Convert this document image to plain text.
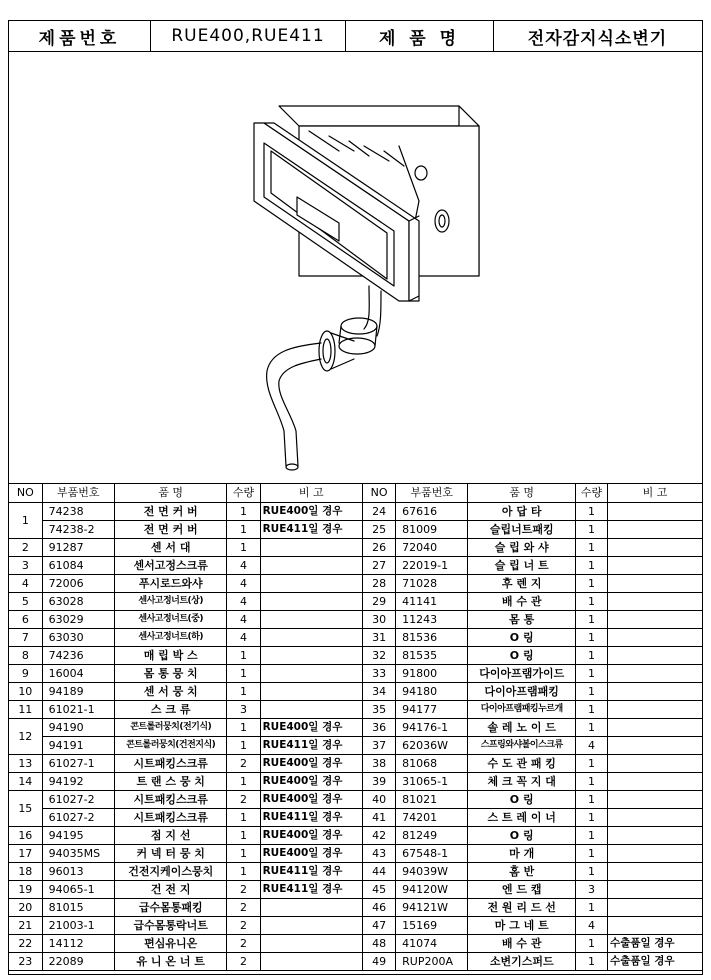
제품번호	RUE400,RUE411	제 품 명	전자감지식소변기
NO	부품번호	품 명	수량	비 고	NO	부품번호	품 명	수량	비 고
1	74238	전 면 커 버	1	RUE400일 경우	24	67616	아 답 타	1	
	74238-2	전 면 커 버	1	RUE411일 경우	25	81009	슬립너트패킹	1	
2	91287	센 서 대	1		26	72040	슬 립 와 샤	1	
3	61084	센서고정스크류	4		27	22019-1	슬 립 너 트	1	
4	72006	푸시로드와샤	4		28	71028	후 렌 지	1	
5	63028	센사고정너트(상)	4		29	41141	배 수 관	1	
6	63029	센사고정너트(중)	4		30	11243	몸 통	1	
7	63030	센사고정너트(하)	4		31	81536	O 링	1	
8	74236	매 립 박 스	1		32	81535	O 링	1	
9	16004	몸 통 뭉 치	1		33	91800	다이아프램가이드	1	
10	94189	센 서 뭉 치	1		34	94180	다이아프램패킹	1	
11	61021-1	스 크 류	3		35	94177	다이아프램패킹누르개	1	
12	94190	콘트롤러뭉치(전기식)	1	RUE400일 경우	36	94176-1	솔 레 노 이 드	1	
	94191	콘트롤러뭉치(건전지식)	1	RUE411일 경우	37	62036W	스프링와샤볼이스크류	4	
13	61027-1	시트패킹스크류	2	RUE400일 경우	38	81068	수 도 관 패 킹	1	
14	94192	트 랜 스 뭉 치	1	RUE400일 경우	39	31065-1	체 크 꼭 지 대	1	
15	61027-2	시트패킹스크류	2	RUE400일 경우	40	81021	O 링	1	
	61027-2	시트패킹스크류	1	RUE411일 경우	41	74201	스 트 레 이 너	1	
16	94195	점 지 선	1	RUE400일 경우	42	81249	O 링	1	
17	94035MS	커 넥 터 뭉 치	1	RUE400일 경우	43	67548-1	마 개	1	
18	96013	건전지케이스뭉치	1	RUE411일 경우	44	94039W	홈 반	1	
19	94065-1	건 전 지	2	RUE411일 경우	45	94120W	엔 드 캡	3	
20	81015	급수몸통패킹	2		46	94121W	전 원 리 드 선	1	
21	21003-1	급수몸통락너트	2		47	15169	마 그 네 트	4	
22	14112	편심유니온	2		48	41074	배 수 관	1	수출품일 경우
23	22089	유 니 온 너 트	2		49	RUP200A	소변기스퍼드	1	수출품일 경우
